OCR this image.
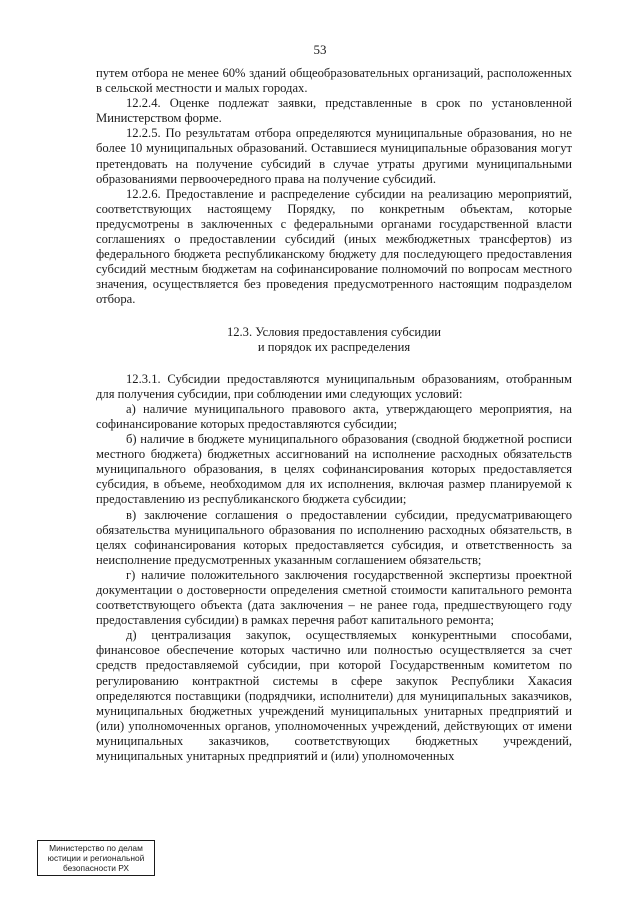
53

путем отбора не менее 60% зданий общеобразовательных организаций, расположенных в сельской местности и малых городах.

12.2.4. Оценке подлежат заявки, представленные в срок по установленной Министерством форме.

12.2.5. По результатам отбора определяются муниципальные образования, но не более 10 муниципальных образований. Оставшиеся муниципальные образования могут претендовать на получение субсидий в случае утраты другими муниципальными образованиями первоочередного права на получение субсидий.

12.2.6. Предоставление и распределение субсидии на реализацию мероприятий, соответствующих настоящему Порядку, по конкретным объектам, которые предусмотрены в заключенных с федеральными органами государственной власти соглашениях о предоставлении субсидий (иных межбюджетных трансфертов) из федерального бюджета республиканскому бюджету для последующего предоставления субсидий местным бюджетам на софинансирование полномочий по вопросам местного значения, осуществляется без проведения предусмотренного настоящим подразделом отбора.

12.3. Условия предоставления субсидии
и порядок их распределения

12.3.1. Субсидии предоставляются муниципальным образованиям, отобранным для получения субсидии, при соблюдении ими следующих условий:

а) наличие муниципального правового акта, утверждающего мероприятия, на софинансирование которых предоставляются субсидии;

б) наличие в бюджете муниципального образования (сводной бюджетной росписи местного бюджета) бюджетных ассигнований на исполнение расходных обязательств муниципального образования, в целях софинансирования которых предоставляется субсидия, в объеме, необходимом для их исполнения, включая размер планируемой к предоставлению из республиканского бюджета субсидии;

в) заключение соглашения о предоставлении субсидии, предусматривающего обязательства муниципального образования по исполнению расходных обязательств, в целях софинансирования которых предоставляется субсидия, и ответственность за неисполнение предусмотренных указанным соглашением обязательств;

г) наличие положительного заключения государственной экспертизы проектной документации о достоверности определения сметной стоимости капитального ремонта соответствующего объекта (дата заключения – не ранее года, предшествующего году предоставления субсидии) в рамках перечня работ капитального ремонта;

д) централизация закупок, осуществляемых конкурентными способами, финансовое обеспечение которых частично или полностью осуществляется за счет средств предоставляемой субсидии, при которой Государственным комитетом по регулированию контрактной системы в сфере закупок Республики Хакасия определяются поставщики (подрядчики, исполнители) для муниципальных заказчиков, муниципальных бюджетных учреждений муниципальных унитарных предприятий и (или) уполномоченных органов, уполномоченных учреждений, действующих от имени муниципальных заказчиков, соответствующих бюджетных учреждений, муниципальных унитарных предприятий и (или) уполномоченных

Министерство по делам
юстиции и региональной
безопасности РХ
